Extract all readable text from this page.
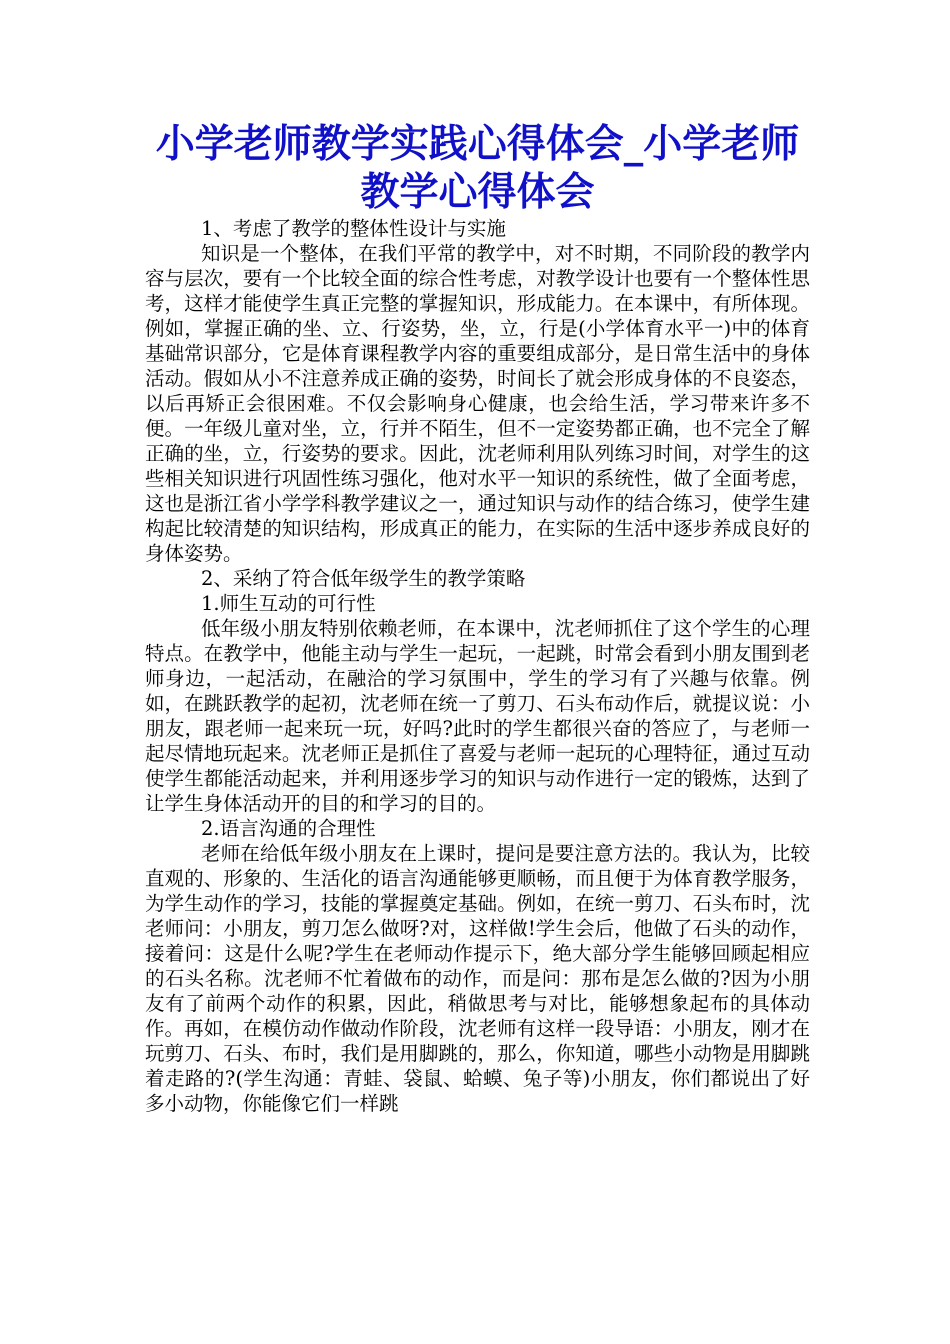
小学老师教学实践心得体会_小学老师教学心得体会

1、考虑了教学的整体性设计与实施

知识是一个整体，在我们平常的教学中，对不时期，不同阶段的教学内容与层次，要有一个比较全面的综合性考虑，对教学设计也要有一个整体性思考，这样才能使学生真正完整的掌握知识，形成能力。在本课中，有所体现。例如，掌握正确的坐、立、行姿势，坐，立，行是(小学体育水平一)中的体育基础常识部分，它是体育课程教学内容的重要组成部分，是日常生活中的身体活动。假如从小不注意养成正确的姿势，时间长了就会形成身体的不良姿态，以后再矫正会很困难。不仅会影响身心健康，也会给生活，学习带来许多不便。一年级儿童对坐，立，行并不陌生，但不一定姿势都正确，也不完全了解正确的坐，立，行姿势的要求。因此，沈老师利用队列练习时间，对学生的这些相关知识进行巩固性练习强化，他对水平一知识的系统性，做了全面考虑，这也是浙江省小学学科教学建议之一，通过知识与动作的结合练习，使学生建构起比较清楚的知识结构，形成真正的能力，在实际的生活中逐步养成良好的身体姿势。

2、采纳了符合低年级学生的教学策略

1.师生互动的可行性

低年级小朋友特别依赖老师，在本课中，沈老师抓住了这个学生的心理特点。在教学中，他能主动与学生一起玩，一起跳，时常会看到小朋友围到老师身边，一起活动，在融洽的学习氛围中，学生的学习有了兴趣与依靠。例如，在跳跃教学的起初，沈老师在统一了剪刀、石头布动作后，就提议说：小朋友，跟老师一起来玩一玩，好吗?此时的学生都很兴奋的答应了，与老师一起尽情地玩起来。沈老师正是抓住了喜爱与老师一起玩的心理特征，通过互动使学生都能活动起来，并利用逐步学习的知识与动作进行一定的锻炼，达到了让学生身体活动开的目的和学习的目的。

2.语言沟通的合理性

老师在给低年级小朋友在上课时，提问是要注意方法的。我认为，比较直观的、形象的、生活化的语言沟通能够更顺畅，而且便于为体育教学服务，为学生动作的学习，技能的掌握奠定基础。例如，在统一剪刀、石头布时，沈老师问：小朋友，剪刀怎么做呀?对，这样做!学生会后，他做了石头的动作，接着问：这是什么呢?学生在老师动作提示下，绝大部分学生能够回顾起相应的石头名称。沈老师不忙着做布的动作，而是问：那布是怎么做的?因为小朋友有了前两个动作的积累，因此，稍做思考与对比，能够想象起布的具体动作。再如，在模仿动作做动作阶段，沈老师有这样一段导语：小朋友，刚才在玩剪刀、石头、布时，我们是用脚跳的，那么，你知道，哪些小动物是用脚跳着走路的?(学生沟通：青蛙、袋鼠、蛤蟆、兔子等)小朋友，你们都说出了好多小动物，你能像它们一样跳
